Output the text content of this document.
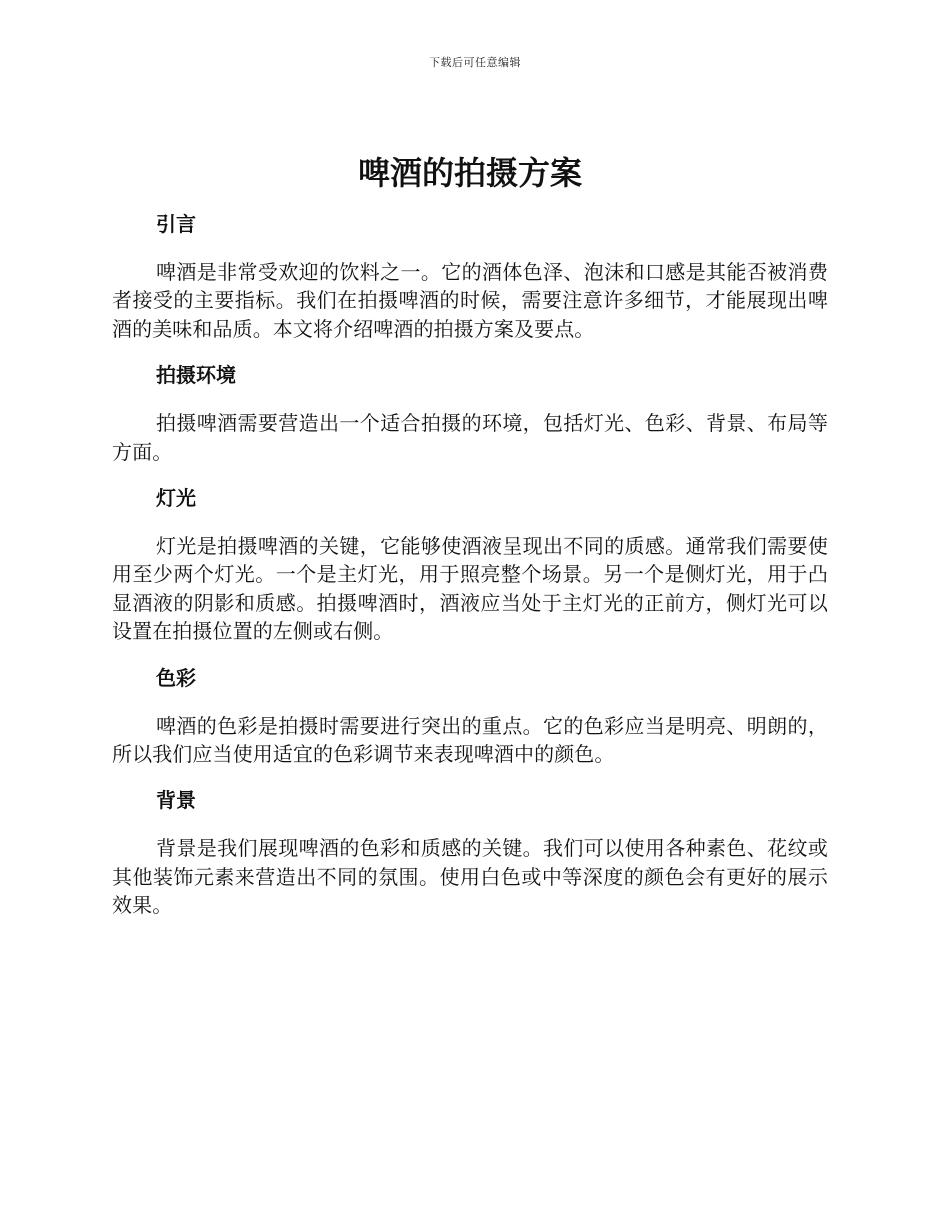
下载后可任意编辑
啤酒的拍摄方案
引言

啤酒是非常受欢迎的饮料之一。它的酒体色泽、泡沫和口感是其能否被消费者接受的主要指标。我们在拍摄啤酒的时候，需要注意许多细节，才能展现出啤酒的美味和品质。本文将介绍啤酒的拍摄方案及要点。

拍摄环境

拍摄啤酒需要营造出一个适合拍摄的环境，包括灯光、色彩、背景、布局等方面。

灯光

灯光是拍摄啤酒的关键，它能够使酒液呈现出不同的质感。通常我们需要使用至少两个灯光。一个是主灯光，用于照亮整个场景。另一个是侧灯光，用于凸显酒液的阴影和质感。拍摄啤酒时，酒液应当处于主灯光的正前方，侧灯光可以设置在拍摄位置的左侧或右侧。

色彩

啤酒的色彩是拍摄时需要进行突出的重点。它的色彩应当是明亮、明朗的，所以我们应当使用适宜的色彩调节来表现啤酒中的颜色。

背景

背景是我们展现啤酒的色彩和质感的关键。我们可以使用各种素色、花纹或其他装饰元素来营造出不同的氛围。使用白色或中等深度的颜色会有更好的展示效果。
